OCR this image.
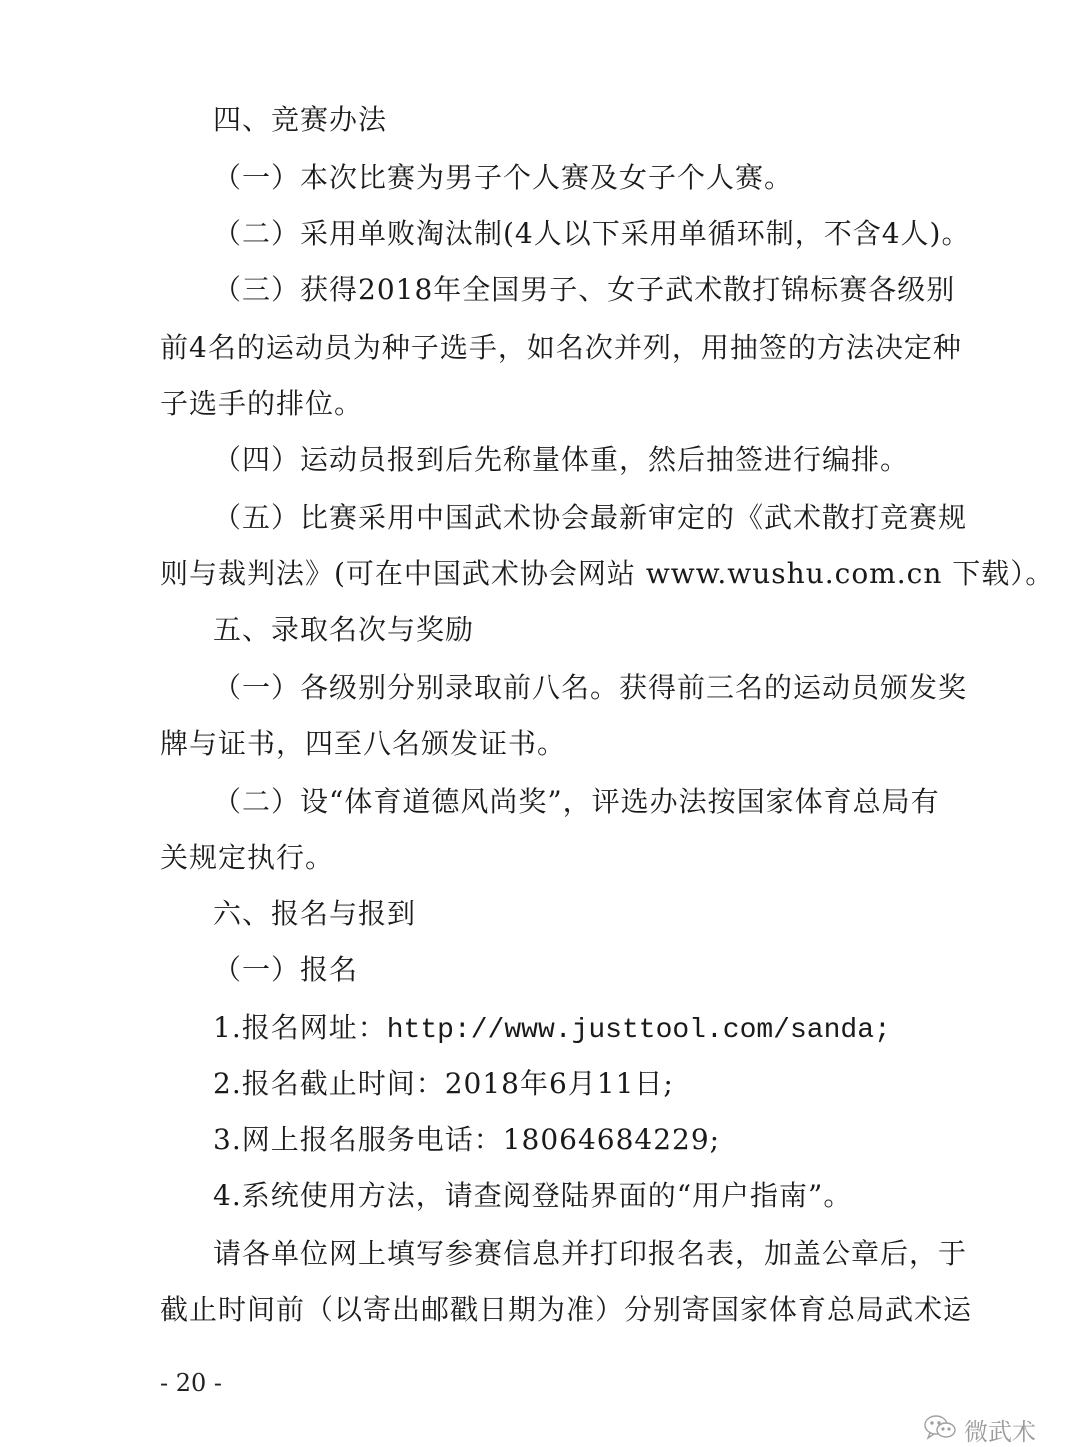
四、竞赛办法
（一）本次比赛为男子个人赛及女子个人赛。
（二）采用单败淘汰制(4人以下采用单循环制，不含4人)。
（三）获得2018年全国男子、女子武术散打锦标赛各级别
前4名的运动员为种子选手，如名次并列，用抽签的方法决定种
子选手的排位。
（四）运动员报到后先称量体重，然后抽签进行编排。
（五）比赛采用中国武术协会最新审定的《武术散打竞赛规
则与裁判法》(可在中国武术协会网站 www.wushu.com.cn 下载）。
五、录取名次与奖励
（一）各级别分别录取前八名。获得前三名的运动员颁发奖
牌与证书，四至八名颁发证书。
（二）设“体育道德风尚奖”，评选办法按国家体育总局有
关规定执行。
六、报名与报到
（一）报名
1.报名网址：http://www.justtool.com/sanda;
2.报名截止时间：2018年6月11日;
3.网上报名服务电话：18064684229;
4.系统使用方法，请查阅登陆界面的“用户指南”。
请各单位网上填写参赛信息并打印报名表，加盖公章后，于
截止时间前（以寄出邮戳日期为准）分别寄国家体育总局武术运
- 20 -
微武术
